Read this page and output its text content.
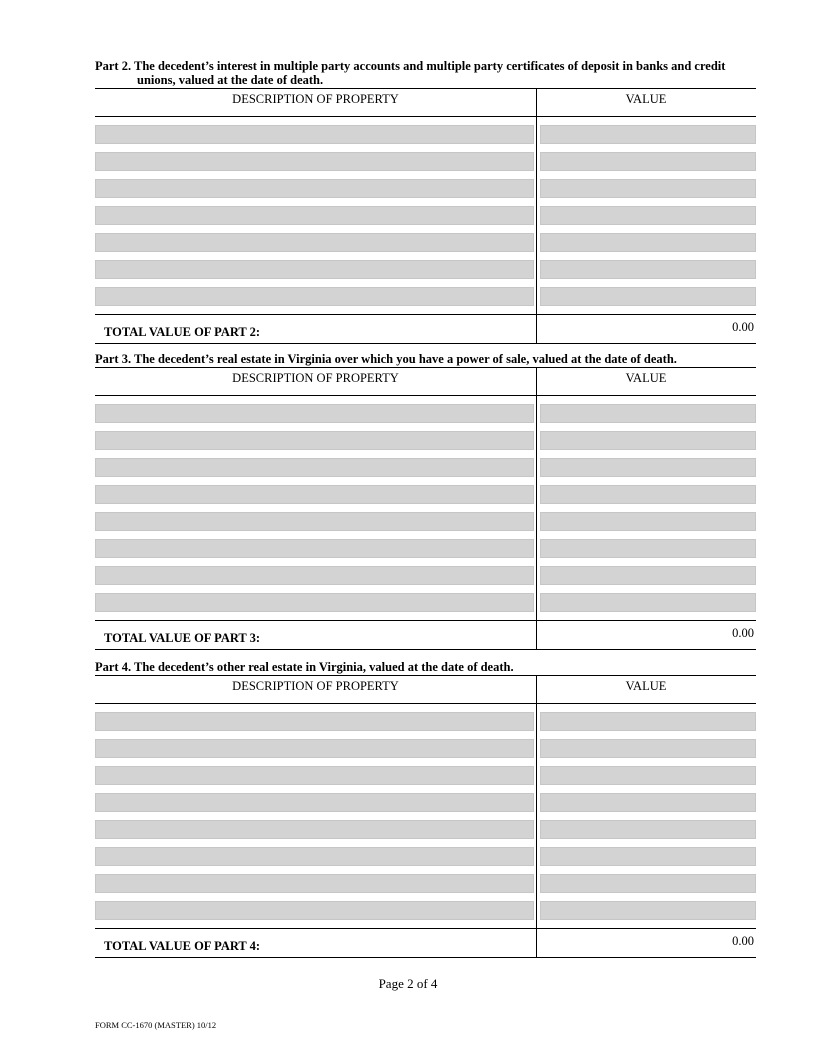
Part 2. The decedent’s interest in multiple party accounts and multiple party certificates of deposit in banks and credit unions, valued at the date of death.
DESCRIPTION OF PROPERTY	VALUE
TOTAL VALUE OF PART 2:	0.00
Part 3. The decedent’s real estate in Virginia over which you have a power of sale, valued at the date of death.
DESCRIPTION OF PROPERTY	VALUE
TOTAL VALUE OF PART 3:	0.00
Part 4. The decedent’s other real estate in Virginia, valued at the date of death.
DESCRIPTION OF PROPERTY	VALUE
TOTAL VALUE OF PART 4:	0.00
Page 2 of 4
FORM CC-1670 (MASTER) 10/12
